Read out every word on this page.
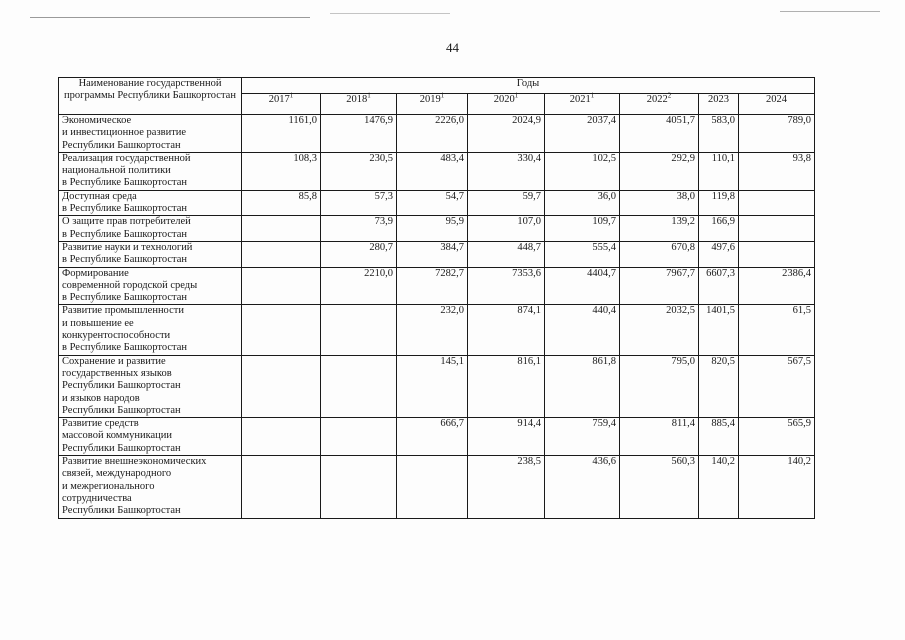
44
Наименование государственной программы Республики Башкортостан	Годы							
	2017$^1$	2018$^1$	2019$^1$	2020$^1$	2021$^1$	2022$^2$	2023	2024
Экономическое
и инвестиционное развитие
Республики Башкортостан	1161,0	1476,9	2226,0	2024,9	2037,4	4051,7	583,0	789,0
Реализация государственной
национальной политики
в Республике Башкортостан	108,3	230,5	483,4	330,4	102,5	292,9	110,1	93,8
Доступная среда
в Республике Башкортостан	85,8	57,3	54,7	59,7	36,0	38,0	119,8	
О защите прав потребителей
в Республике Башкортостан		73,9	95,9	107,0	109,7	139,2	166,9	
Развитие науки и технологий
в Республике Башкортостан		280,7	384,7	448,7	555,4	670,8	497,6	
Формирование
современной городской среды
в Республике Башкортостан		2210,0	7282,7	7353,6	4404,7	7967,7	6607,3	2386,4
Развитие промышленности
и повышение ее
конкурентоспособности
в Республике Башкортостан			232,0	874,1	440,4	2032,5	1401,5	61,5
Сохранение и развитие
государственных языков
Республики Башкортостан
и языков народов
Республики Башкортостан			145,1	816,1	861,8	795,0	820,5	567,5
Развитие средств
массовой коммуникации
Республики Башкортостан			666,7	914,4	759,4	811,4	885,4	565,9
Развитие внешнеэкономических
связей, международного
и межрегионального
сотрудничества
Республики Башкортостан				238,5	436,6	560,3	140,2	140,2
